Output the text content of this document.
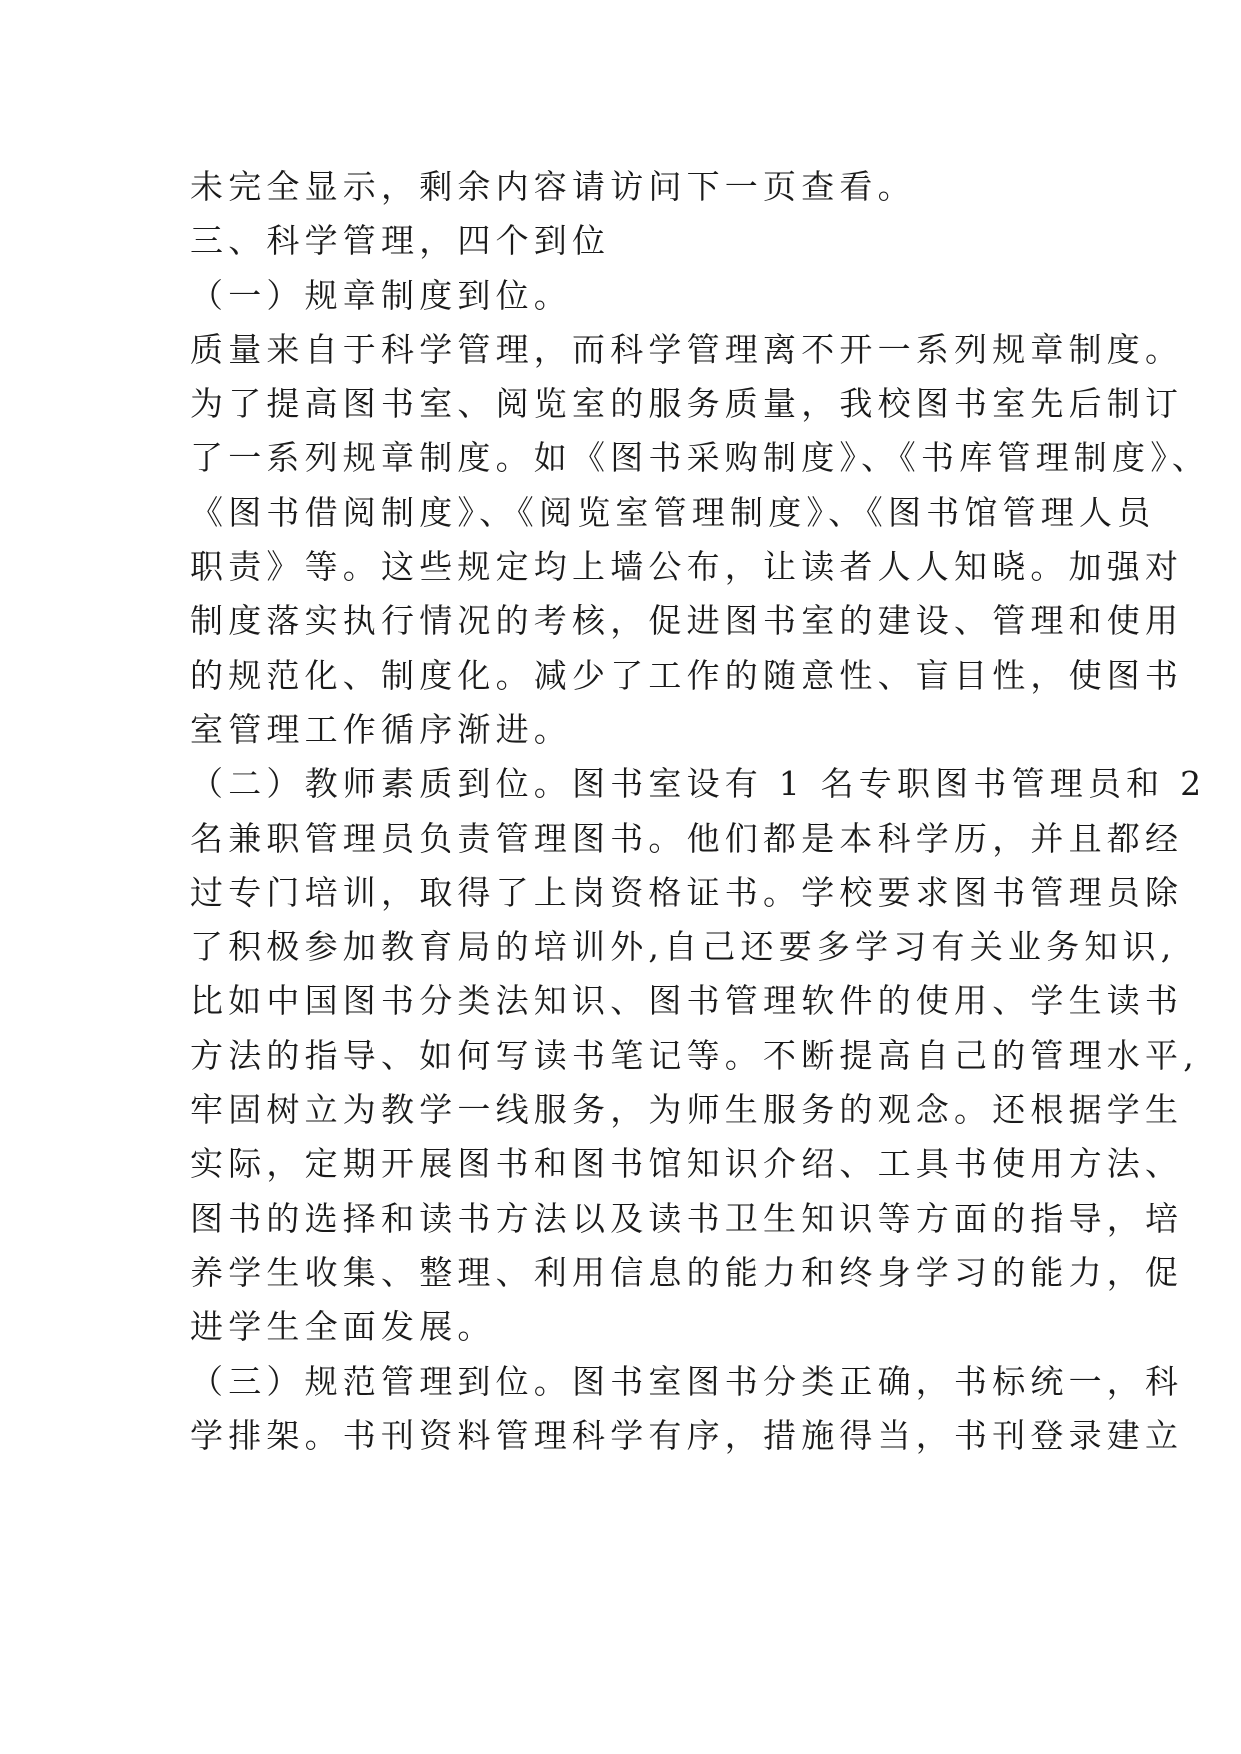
未完全显示，剩余内容请访问下一页查看。
三、科学管理，四个到位
（一）规章制度到位。
质量来自于科学管理，而科学管理离不开一系列规章制度。
为了提高图书室、阅览室的服务质量，我校图书室先后制订
了一系列规章制度。如《图书采购制度》、《书库管理制度》、
《图书借阅制度》、《阅览室管理制度》、《图书馆管理人员
职责》等。这些规定均上墙公布，让读者人人知晓。加强对
制度落实执行情况的考核，促进图书室的建设、管理和使用
的规范化、制度化。减少了工作的随意性、盲目性，使图书
室管理工作循序渐进。
（二）教师素质到位。图书室设有 1 名专职图书管理员和 2
名兼职管理员负责管理图书。他们都是本科学历，并且都经
过专门培训，取得了上岗资格证书。学校要求图书管理员除
了积极参加教育局的培训外,自己还要多学习有关业务知识,
比如中国图书分类法知识、图书管理软件的使用、学生读书
方法的指导、如何写读书笔记等。不断提高自己的管理水平,
牢固树立为教学一线服务，为师生服务的观念。还根据学生
实际，定期开展图书和图书馆知识介绍、工具书使用方法、
图书的选择和读书方法以及读书卫生知识等方面的指导，培
养学生收集、整理、利用信息的能力和终身学习的能力，促
进学生全面发展。
（三）规范管理到位。图书室图书分类正确，书标统一，科
学排架。书刊资料管理科学有序，措施得当，书刊登录建立
